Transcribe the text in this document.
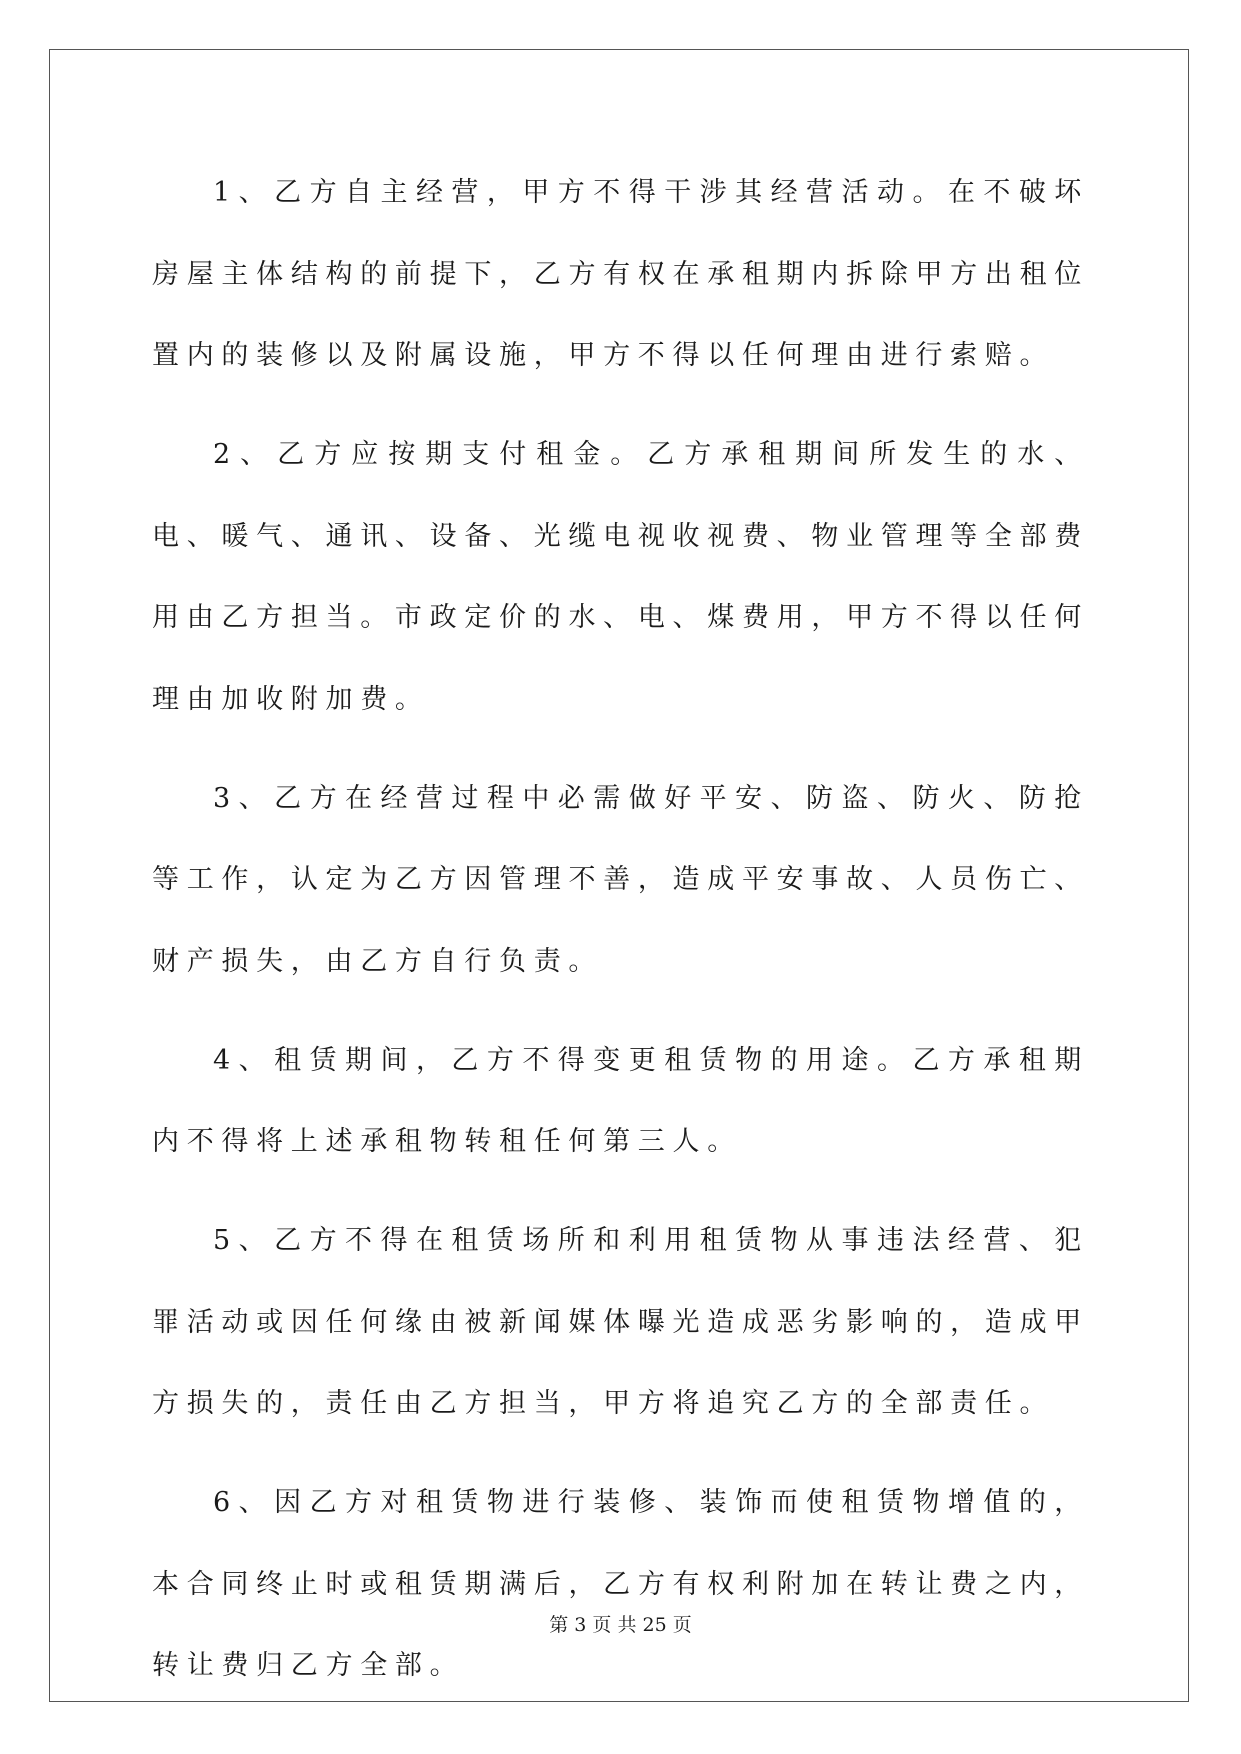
1、乙方自主经营，甲方不得干涉其经营活动。在不破坏房屋主体结构的前提下，乙方有权在承租期内拆除甲方出租位置内的装修以及附属设施，甲方不得以任何理由进行索赔。

2、乙方应按期支付租金。乙方承租期间所发生的水、电、暖气、通讯、设备、光缆电视收视费、物业管理等全部费用由乙方担当。市政定价的水、电、煤费用，甲方不得以任何理由加收附加费。

3、乙方在经营过程中必需做好平安、防盗、防火、防抢等工作，认定为乙方因管理不善，造成平安事故、人员伤亡、财产损失，由乙方自行负责。

4、租赁期间，乙方不得变更租赁物的用途。乙方承租期内不得将上述承租物转租任何第三人。

5、乙方不得在租赁场所和利用租赁物从事违法经营、犯罪活动或因任何缘由被新闻媒体曝光造成恶劣影响的，造成甲方损失的，责任由乙方担当，甲方将追究乙方的全部责任。

6、因乙方对租赁物进行装修、装饰而使租赁物增值的，本合同终止时或租赁期满后，乙方有权利附加在转让费之内，转让费归乙方全部。

第 3 页 共 25 页
